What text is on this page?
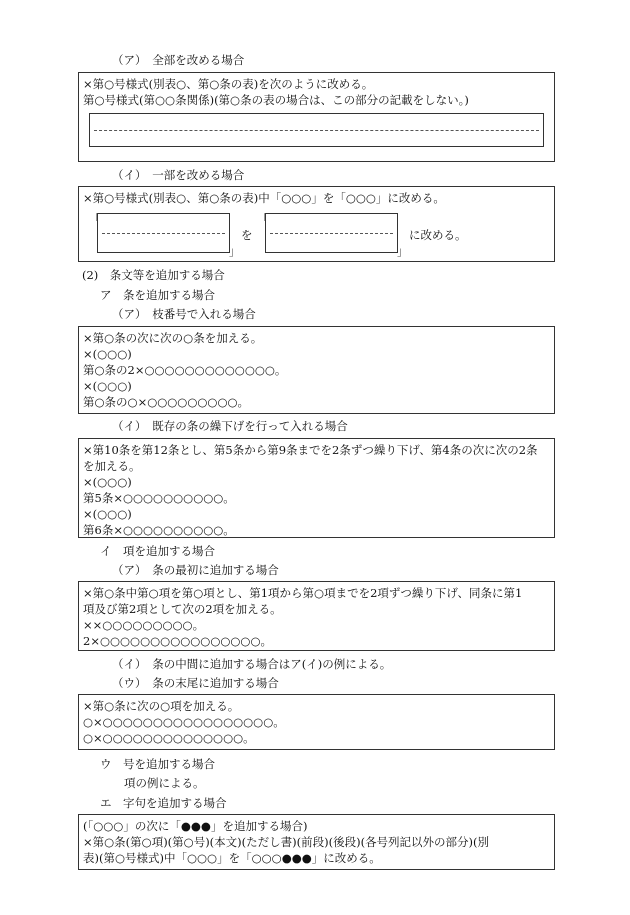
（ア）　全部を改める場合
×第○号様式(別表○、第○条の表)を次のように改める。
第○号様式(第○○条関係)(第○条の表の場合は、この部分の記載をしない。)
（イ）　一部を改める場合
×第○号様式(別表○、第○条の表)中「○○○」を「○○○」に改める。
「
」
を
「
」
に改める。
(2)　条文等を追加する場合
ア　条を追加する場合
（ア）　枝番号で入れる場合
×第○条の次に次の○条を加える。
×(○○○)
第○条の2×○○○○○○○○○○○○○。
×(○○○)
第○条の○×○○○○○○○○○。
（イ）　既存の条の繰下げを行って入れる場合
×第10条を第12条とし、第5条から第9条までを2条ずつ繰り下げ、第4条の次に次の2条
を加える。
×(○○○)
第5条×○○○○○○○○○○。
×(○○○)
第6条×○○○○○○○○○○。
イ　項を追加する場合
（ア）　条の最初に追加する場合
×第○条中第○項を第○項とし、第1項から第○項までを2項ずつ繰り下げ、同条に第1
項及び第2項として次の2項を加える。
××○○○○○○○○○。
2×○○○○○○○○○○○○○○○○。
（イ）　条の中間に追加する場合はア(イ)の例による。
（ウ）　条の末尾に追加する場合
×第○条に次の○項を加える。
○×○○○○○○○○○○○○○○○○○。
○×○○○○○○○○○○○○○○。
ウ　号を追加する場合
項の例による。
エ　字句を追加する場合
(「○○○」の次に「●●●」を追加する場合)
×第○条(第○項)(第○号)(本文)(ただし書)(前段)(後段)(各号列記以外の部分)(別
表)(第○号様式)中「○○○」を「○○○●●●」に改める。
